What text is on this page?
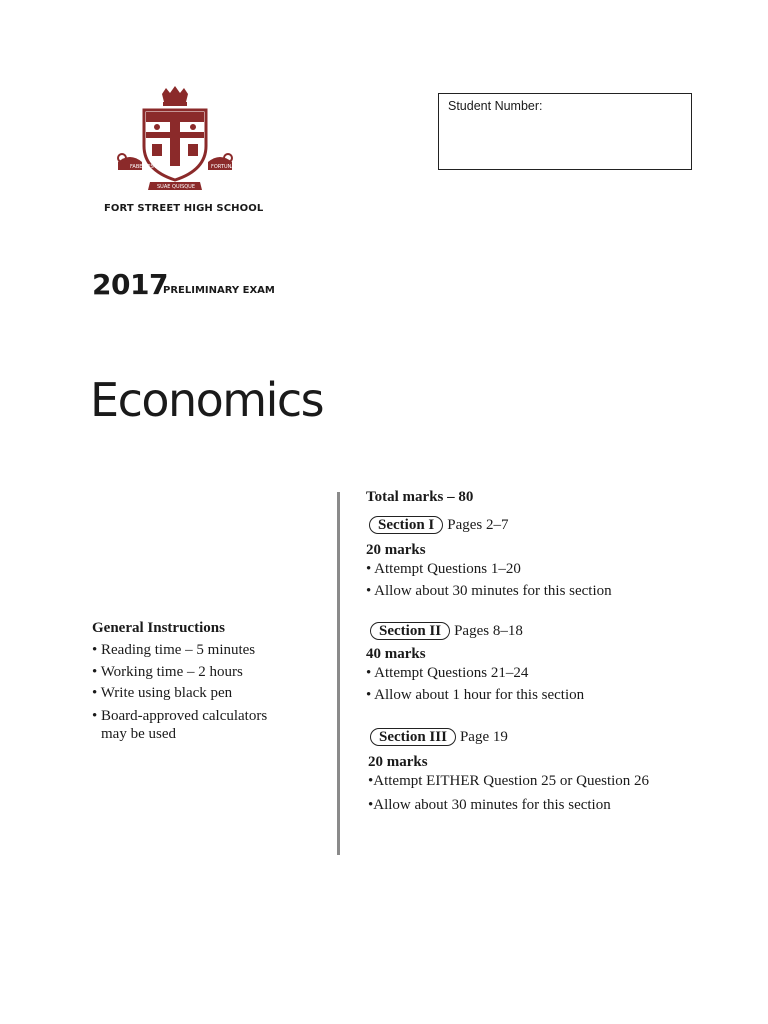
FABER EST	FORTUNAE
SUAE QUISQUE
FORT STREET HIGH SCHOOL
Student Number:
2017
PRELIMINARY EXAM
Economics
General Instructions
• Reading time – 5 minutes
• Working time – 2 hours
• Write using black pen
• Board-approved calculators
may be used
Total marks – 80
Section I Pages 2–7
20 marks
• Attempt Questions 1–20
• Allow about 30 minutes for this section
Section II Pages 8–18
40 marks
• Attempt Questions 21–24
• Allow about 1 hour for this section
Section III Page 19
20 marks
•Attempt EITHER Question 25 or Question 26
•Allow about 30 minutes for this section
